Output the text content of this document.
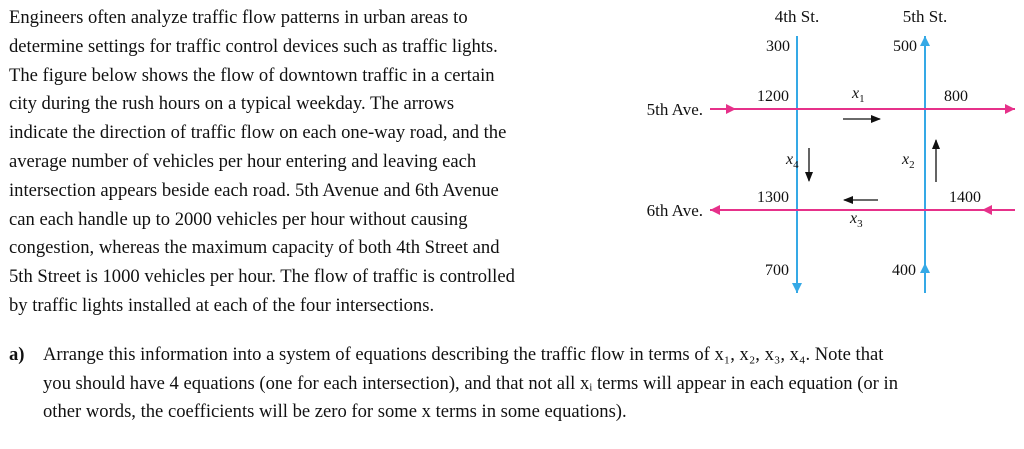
Engineers often analyze traffic flow patterns in urban areas to
determine settings for traffic control devices such as traffic lights.
The figure below shows the flow of downtown traffic in a certain
city during the rush hours on a typical weekday. The arrows
indicate the direction of traffic flow on each one-way road, and the
average number of vehicles per hour entering and leaving each
intersection appears beside each road. 5th Avenue and 6th Avenue
can each handle up to 2000 vehicles per hour without causing
congestion, whereas the maximum capacity of both 4th Street and
5th Street is 1000 vehicles per hour. The flow of traffic is controlled
by traffic lights installed at each of the four intersections.
4th St.	5th St.
5th Ave.
6th Ave.
300	500
1200	800
1300	1400
700	400
$x_1$
$x_4$	$x_2$
$x_3$
a) Arrange this information into a system of equations describing the traffic flow in terms of x₁, x₂, x₃, x₄. Note that
you should have 4 equations (one for each intersection), and that not all xᵢ terms will appear in each equation (or in
other words, the coefficients will be zero for some x terms in some equations).
